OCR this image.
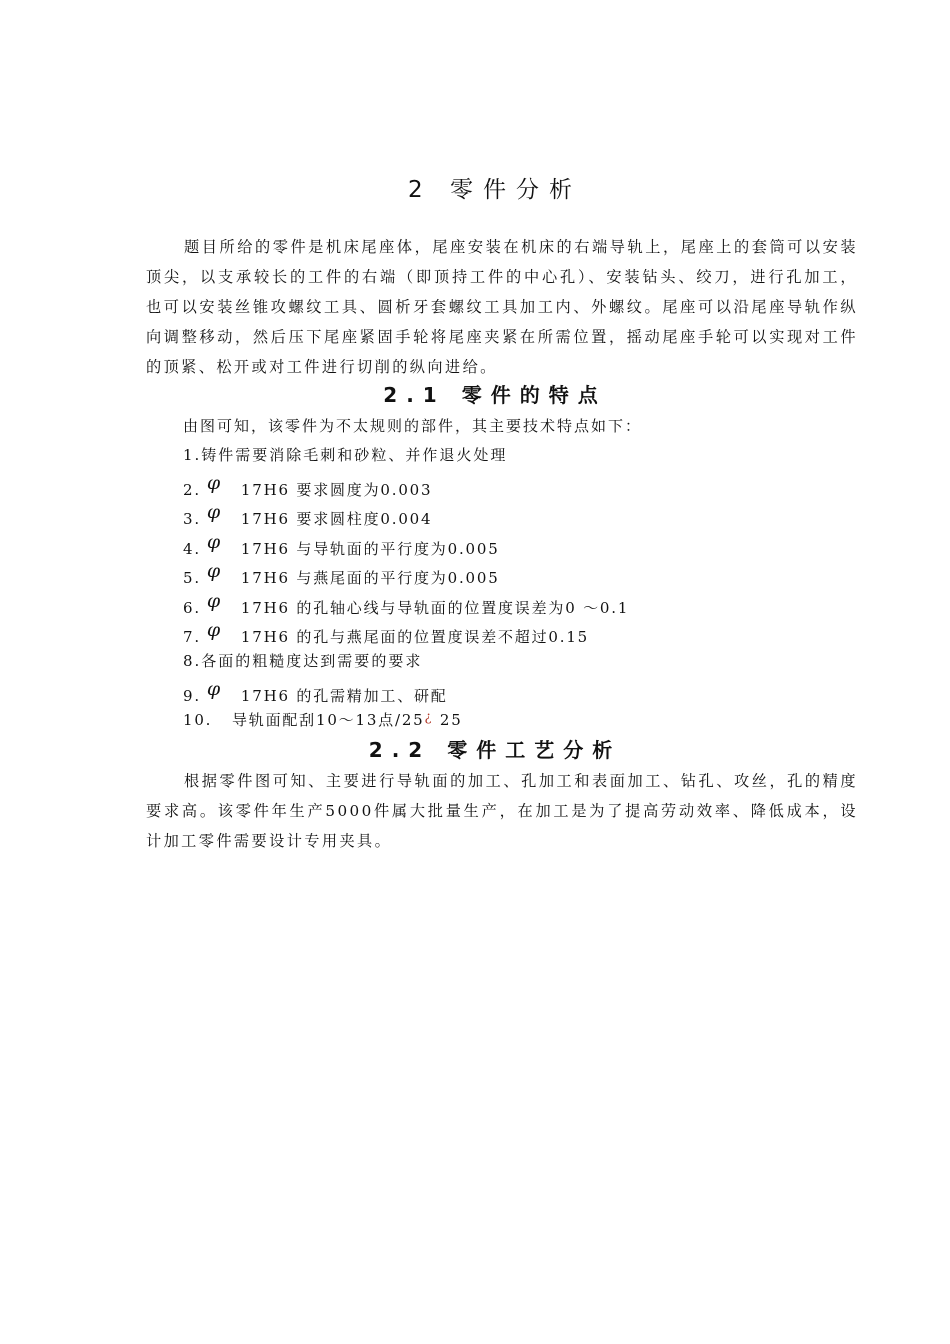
2 零件分析

题目所给的零件是机床尾座体，尾座安装在机床的右端导轨上，尾座上的套筒可以安装顶尖，以支承较长的工件的右端（即顶持工件的中心孔）、安装钻头、绞刀，进行孔加工，也可以安装丝锥攻螺纹工具、圆析牙套螺纹工具加工内、外螺纹。尾座可以沿尾座导轨作纵向调整移动，然后压下尾座紧固手轮将尾座夹紧在所需位置，摇动尾座手轮可以实现对工件的顶紧、松开或对工件进行切削的纵向进给。

2.1 零件的特点
由图可知，该零件为不太规则的部件，其主要技术特点如下：
1.铸件需要消除毛刺和砂粒、并作退火处理
2. φ 17H6 要求圆度为0.003
3. φ 17H6 要求圆柱度0.004
4. φ 17H6 与导轨面的平行度为0.005
5. φ 17H6 与燕尾面的平行度为0.005
6. φ 17H6 的孔轴心线与导轨面的位置度误差为0 ～0.1
7. φ 17H6 的孔与燕尾面的位置度误差不超过0.15
8.各面的粗糙度达到需要的要求
9. φ 17H6 的孔需精加工、研配
10. 导轨面配刮10～13点/25¿ 25
2.2 零件工艺分析

根据零件图可知、主要进行导轨面的加工、孔加工和表面加工、钻孔、攻丝，孔的精度要求高。该零件年生产5000件属大批量生产，在加工是为了提高劳动效率、降低成本，设计加工零件需要设计专用夹具。
